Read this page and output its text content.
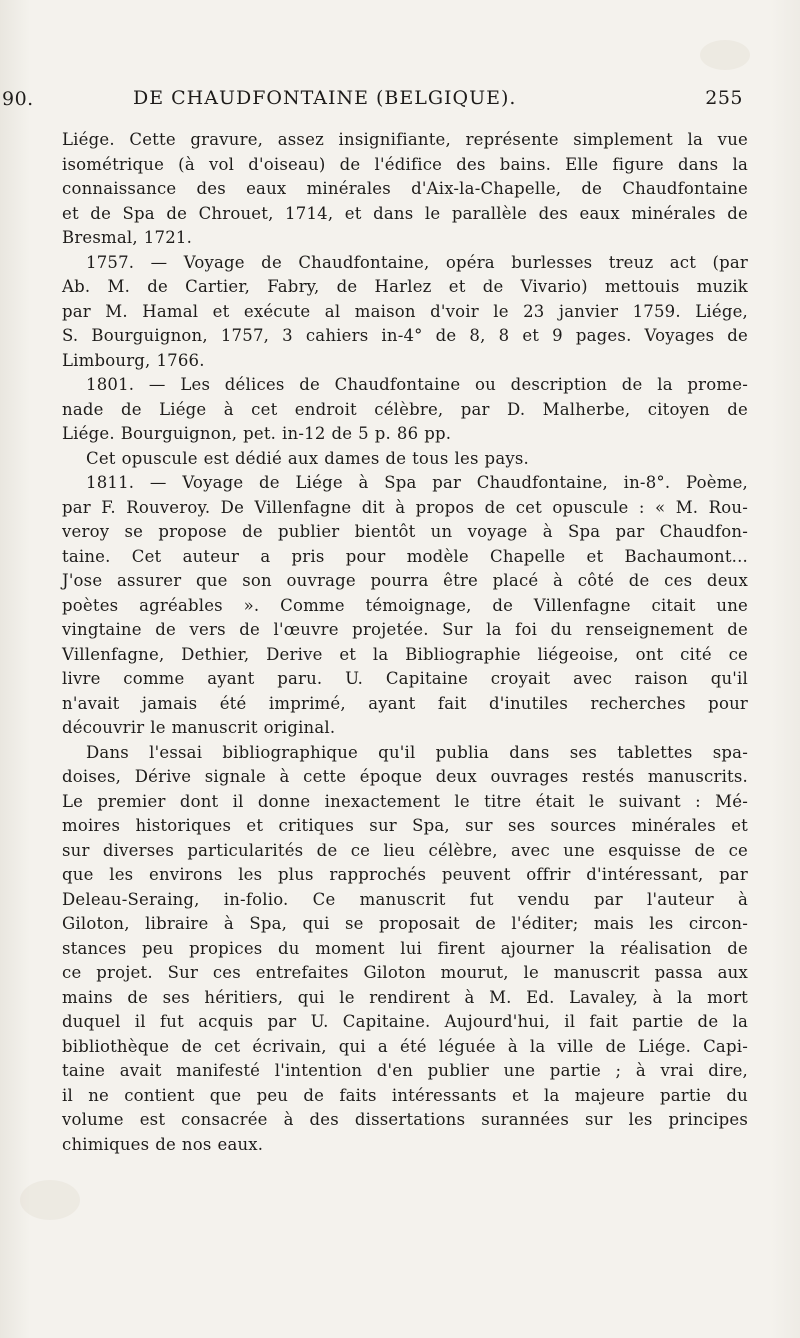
90.	DE CHAUDFONTAINE (BELGIQUE).	255
Liége. Cette gravure, assez insignifiante, représente simplement la vue
isométrique (à vol d'oiseau) de l'édifice des bains. Elle figure dans la
connaissance des eaux minérales d'Aix-la-Chapelle, de Chaudfontaine
et de Spa de Chrouet, 1714, et dans le parallèle des eaux minérales de
Bresmal, 1721.
1757. — Voyage de Chaudfontaine, opéra burlesses treuz act (par
Ab. M. de Cartier, Fabry, de Harlez et de Vivario) mettouis muzik
par M. Hamal et exécute al maison d'voir le 23 janvier 1759. Liége,
S. Bourguignon, 1757, 3 cahiers in-4° de 8, 8 et 9 pages. Voyages de
Limbourg, 1766.
1801. — Les délices de Chaudfontaine ou description de la prome-
nade de Liége à cet endroit célèbre, par D. Malherbe, citoyen de
Liége. Bourguignon, pet. in-12 de 5 p. 86 pp.
Cet opuscule est dédié aux dames de tous les pays.
1811. — Voyage de Liége à Spa par Chaudfontaine, in-8°. Poème,
par F. Rouveroy. De Villenfagne dit à propos de cet opuscule : « M. Rou-
veroy se propose de publier bientôt un voyage à Spa par Chaudfon-
taine. Cet auteur a pris pour modèle Chapelle et Bachaumont...
J'ose assurer que son ouvrage pourra être placé à côté de ces deux
poètes agréables ». Comme témoignage, de Villenfagne citait une
vingtaine de vers de l'œuvre projetée. Sur la foi du renseignement de
Villenfagne, Dethier, Derive et la Bibliographie liégeoise, ont cité ce
livre comme ayant paru. U. Capitaine croyait avec raison qu'il
n'avait jamais été imprimé, ayant fait d'inutiles recherches pour
découvrir le manuscrit original.
Dans l'essai bibliographique qu'il publia dans ses tablettes spa-
doises, Dérive signale à cette époque deux ouvrages restés manuscrits.
Le premier dont il donne inexactement le titre était le suivant : Mé-
moires historiques et critiques sur Spa, sur ses sources minérales et
sur diverses particularités de ce lieu célèbre, avec une esquisse de ce
que les environs les plus rapprochés peuvent offrir d'intéressant, par
Deleau-Seraing, in-folio. Ce manuscrit fut vendu par l'auteur à
Giloton, libraire à Spa, qui se proposait de l'éditer; mais les circon-
stances peu propices du moment lui firent ajourner la réalisation de
ce projet. Sur ces entrefaites Giloton mourut, le manuscrit passa aux
mains de ses héritiers, qui le rendirent à M. Ed. Lavaley, à la mort
duquel il fut acquis par U. Capitaine. Aujourd'hui, il fait partie de la
bibliothèque de cet écrivain, qui a été léguée à la ville de Liége. Capi-
taine avait manifesté l'intention d'en publier une partie ; à vrai dire,
il ne contient que peu de faits intéressants et la majeure partie du
volume est consacrée à des dissertations surannées sur les principes
chimiques de nos eaux.
